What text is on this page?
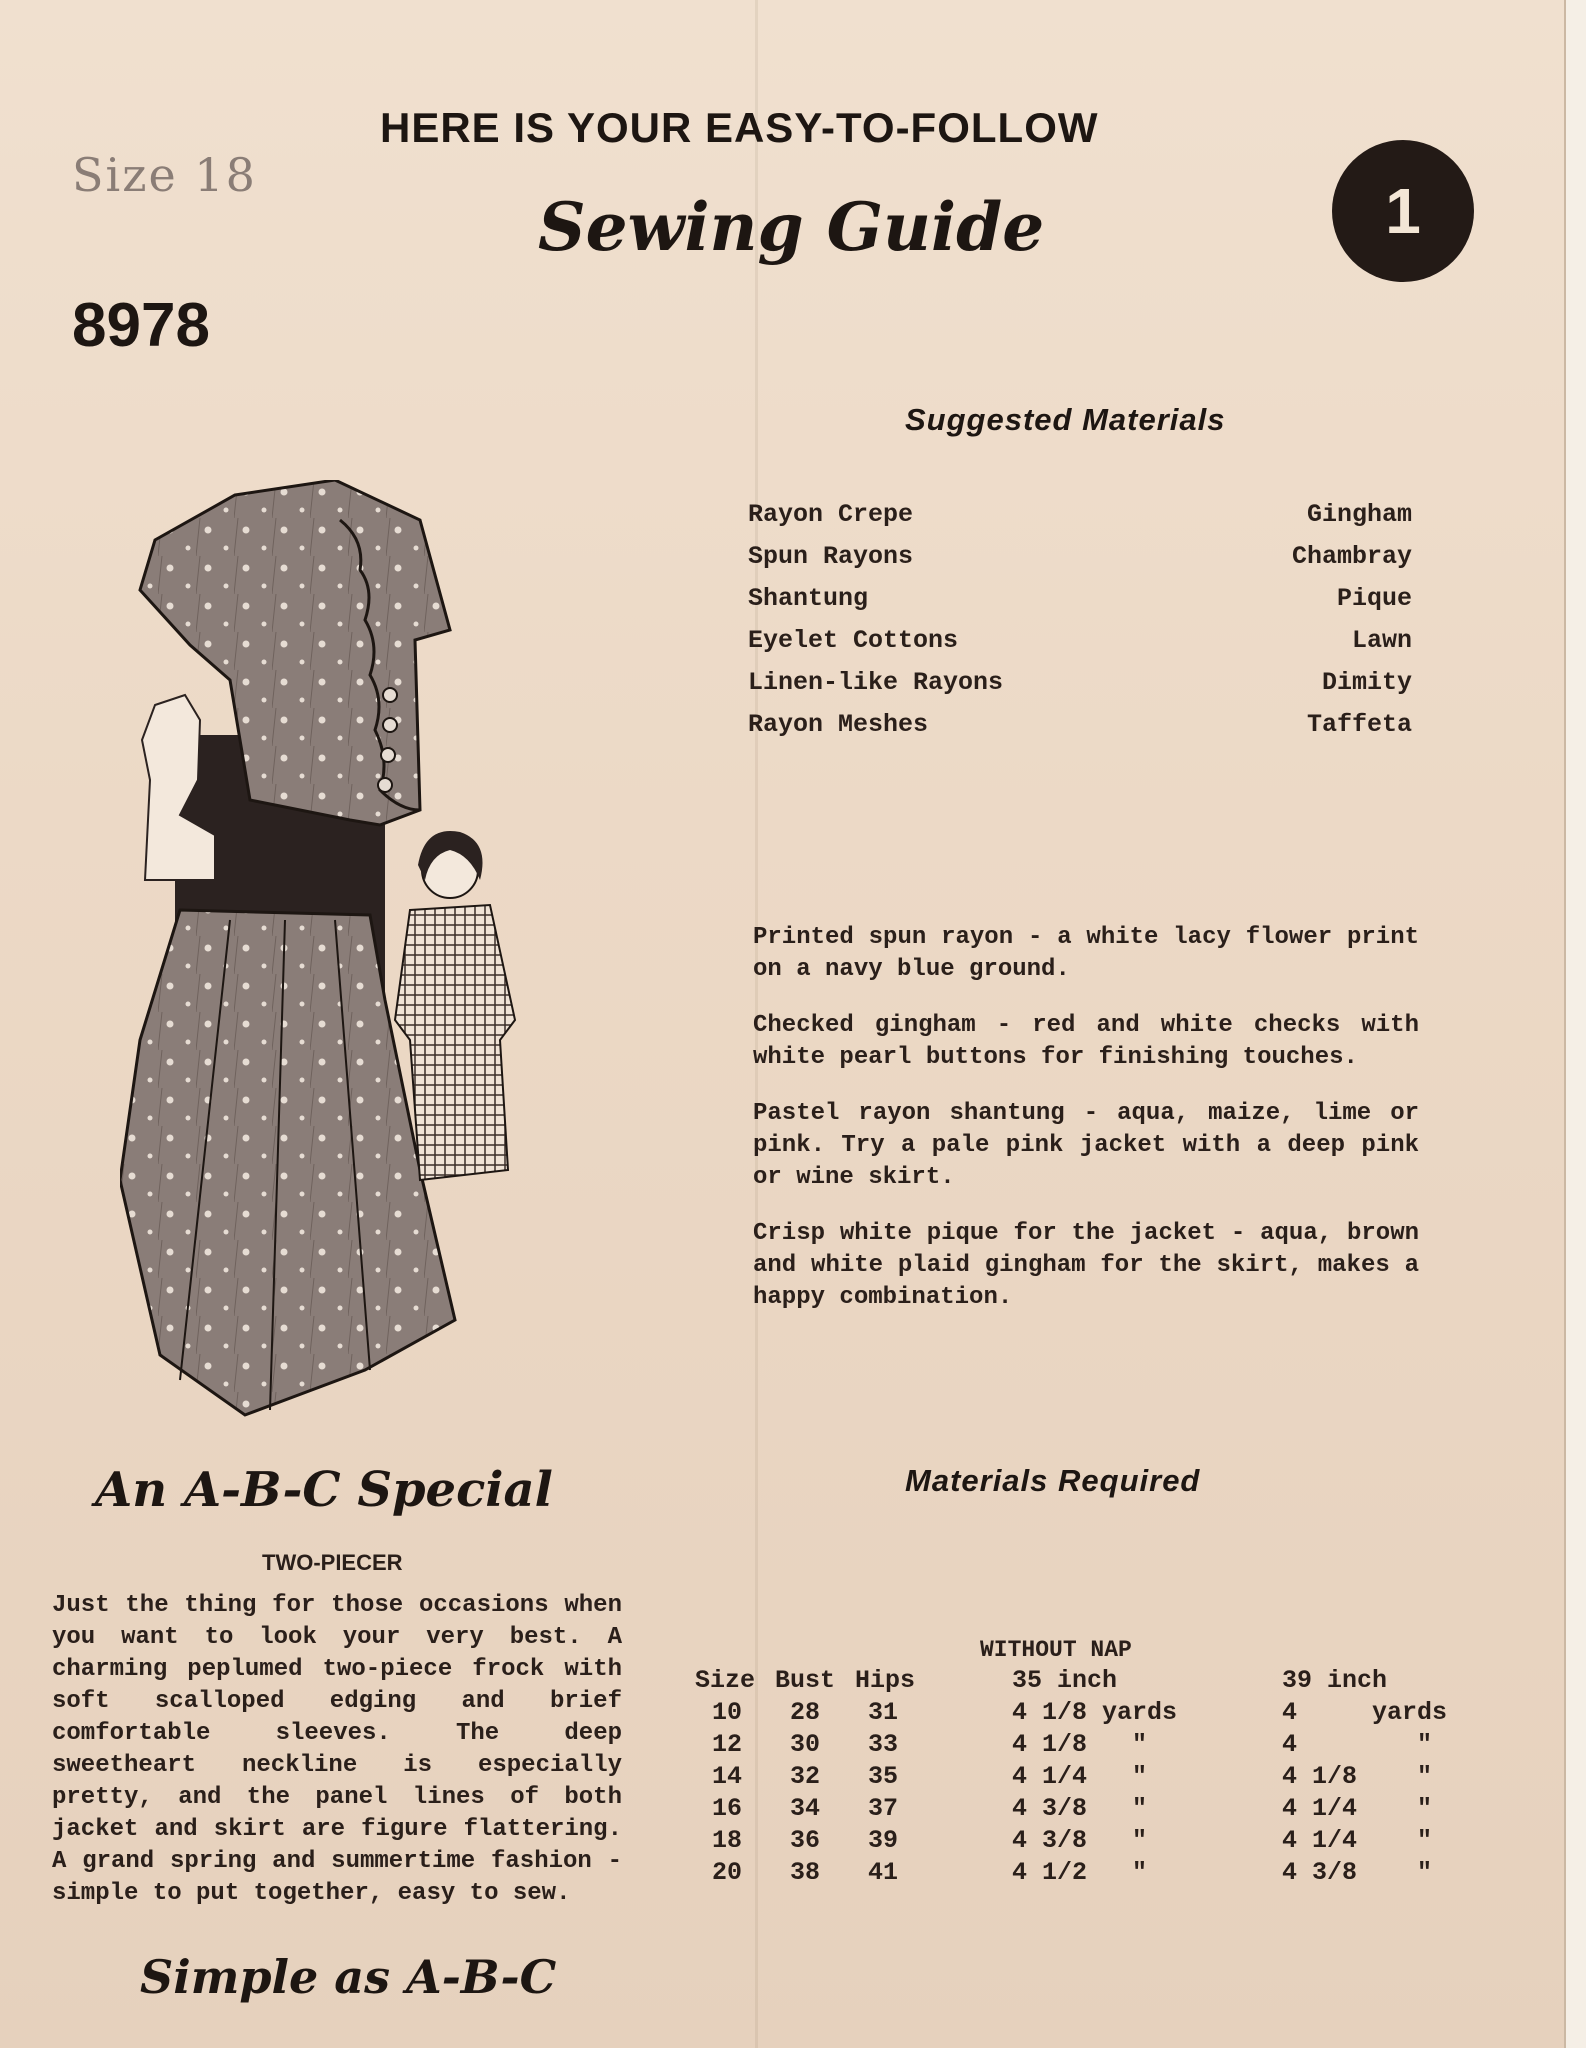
Size 18
8978
HERE IS YOUR EASY-TO-FOLLOW
Sewing Guide	1
Suggested Materials
Rayon Crepe	Gingham
Spun Rayons	Chambray
Shantung	Pique
Eyelet Cottons	Lawn
Linen-like Rayons	Dimity
Rayon Meshes	Taffeta

Printed spun rayon - a white lacy flower print on a navy blue ground.

Checked gingham - red and white checks with white pearl buttons for finishing touches.

Pastel rayon shantung - aqua, maize, lime or pink. Try a pale pink jacket with a deep pink or wine skirt.

Crisp white pique for the jacket - aqua, brown and white plaid gingham for the skirt, makes a happy combination.

An A-B-C Special
TWO-PIECER
Just the thing for those occasions when you want to look your very best. A charming peplumed two-piece frock with soft scalloped edging and brief comfortable sleeves. The deep sweetheart neckline is especially pretty, and the panel lines of both jacket and skirt are figure flattering. A grand spring and summertime fashion - simple to put together, easy to sew.
Simple as A-B-C
Materials Required
WITHOUT NAP
Size Bust Hips	35 inch	39 inch
10 28 31	4 1/8 yards	4     yards
12 30 33	4 1/8   "	4        "
14 32 35	4 1/4   "	4 1/8    "
16 34 37	4 3/8   "	4 1/4    "
18 36 39	4 3/8   "	4 1/4    "
20 38 41	4 1/2   "	4 3/8    "
